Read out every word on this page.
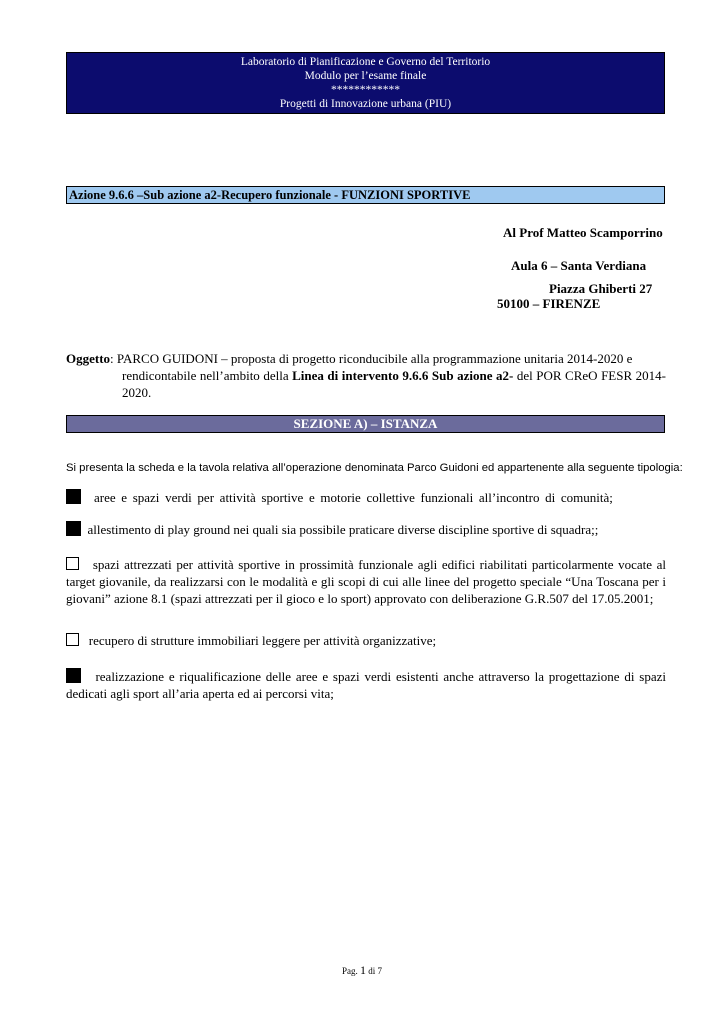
Laboratorio di Pianificazione e Governo del Territorio
Modulo per l’esame finale
************
Progetti di Innovazione urbana (PIU)
Azione 9.6.6 –Sub azione a2-Recupero funzionale - FUNZIONI SPORTIVE
Al Prof Matteo Scamporrino
Aula 6 – Santa Verdiana
Piazza Ghiberti 27
50100 – FIRENZE
Oggetto: PARCO GUIDONI – proposta di progetto riconducibile alla programmazione unitaria 2014-2020 e
rendicontabile nell’ambito della Linea di intervento 9.6.6 Sub azione a2- del POR CReO FESR 2014-2020.
SEZIONE A) – ISTANZA
Si presenta la scheda e la tavola relativa all’operazione denominata Parco Guidoni ed appartenente alla seguente tipologia:
aree e spazi verdi per attività sportive e motorie collettive funzionali all’incontro di comunità;
allestimento di play ground nei quali sia possibile praticare diverse discipline sportive di squadra;;
spazi attrezzati per attività sportive in prossimità funzionale agli edifici riabilitati particolarmente vocate al target giovanile, da realizzarsi con le modalità e gli scopi di cui alle linee del progetto speciale “Una Toscana per i giovani” azione 8.1 (spazi attrezzati per il gioco e lo sport) approvato con deliberazione G.R.507 del 17.05.2001;
recupero di strutture immobiliari leggere per attività organizzative;
realizzazione e riqualificazione delle aree e spazi verdi esistenti anche attraverso la progettazione di spazi dedicati agli sport all’aria aperta ed ai percorsi vita;
Pag. 1 di 7
